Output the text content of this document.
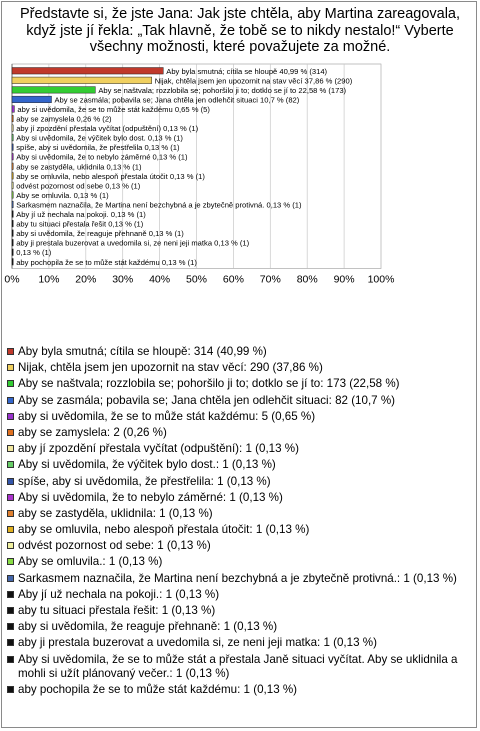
Představte si, že jste Jana: Jak jste chtěla, aby Martina zareagovala, když jste jí řekla: „Tak hlavně, že tobě se to nikdy nestalo!“ Vyberte všechny možnosti, které považujete za možné.
0% 10% 20% 30% 40% 50% 60% 70% 80% 90% 100%
Aby byla smutná; cítila se hloupě 40,99 % (314)
Nijak, chtěla jsem jen upozornit na stav věcí 37,86 % (290)
Aby se naštvala; rozzlobila se; pohoršilo ji to; dotklo se jí to 22,58 % (173)
Aby se zasmála; pobavila se; Jana chtěla jen odlehčit situaci 10,7 % (82)
aby si uvědomila, že se to může stát každému 0,65 % (5)
aby se zamyslela 0,26 % (2)
aby jí zpozdění přestala vyčítat (odpuštění) 0,13 % (1)
Aby si uvědomila, že výčitek bylo dost. 0,13 % (1)
spíše, aby si uvědomila, že přestřelila 0,13 % (1)
Aby si uvědomila, že to nebylo záměrné 0,13 % (1)
aby se zastyděla, uklidnila 0,13 % (1)
aby se omluvila, nebo alespoň přestala útočit 0,13 % (1)
odvést pozornost od sebe 0,13 % (1)
Aby se omluvila. 0,13 % (1)
Sarkasmem naznačila, že Martina není bezchybná a je zbytečně protivná. 0,13 % (1)
Aby jí už nechala na pokoji. 0,13 % (1)
aby tu situaci přestala řešit 0,13 % (1)
aby si uvědomila, že reaguje přehnaně 0,13 % (1)
aby ji prestala buzerovat a uvedomila si, ze neni jeji matka 0,13 % (1)
0,13 % (1)
aby pochopila že se to může stát každému 0,13 % (1)
Aby byla smutná; cítila se hloupě: 314 (40,99 %)
Nijak, chtěla jsem jen upozornit na stav věcí: 290 (37,86 %)
Aby se naštvala; rozzlobila se; pohoršilo ji to; dotklo se jí to: 173 (22,58 %)
Aby se zasmála; pobavila se; Jana chtěla jen odlehčit situaci: 82 (10,7 %)
aby si uvědomila, že se to může stát každému: 5 (0,65 %)
aby se zamyslela: 2 (0,26 %)
aby jí zpozdění přestala vyčítat (odpuštění): 1 (0,13 %)
Aby si uvědomila, že výčitek bylo dost.: 1 (0,13 %)
spíše, aby si uvědomila, že přestřelila: 1 (0,13 %)
Aby si uvědomila, že to nebylo záměrné: 1 (0,13 %)
aby se zastyděla, uklidnila: 1 (0,13 %)
aby se omluvila, nebo alespoň přestala útočit: 1 (0,13 %)
odvést pozornost od sebe: 1 (0,13 %)
Aby se omluvila.: 1 (0,13 %)
Sarkasmem naznačila, že Martina není bezchybná a je zbytečně protivná.: 1 (0,13 %)
Aby jí už nechala na pokoji.: 1 (0,13 %)
aby tu situaci přestala řešit: 1 (0,13 %)
aby si uvědomila, že reaguje přehnaně: 1 (0,13 %)
aby ji prestala buzerovat a uvedomila si, ze neni jeji matka: 1 (0,13 %)
Aby si uvědomila, že se to může stát a přestala Janě situaci vyčítat. Aby se uklidnila a mohli si užít plánovaný večer.: 1 (0,13 %)
aby pochopila že se to může stát každému: 1 (0,13 %)
